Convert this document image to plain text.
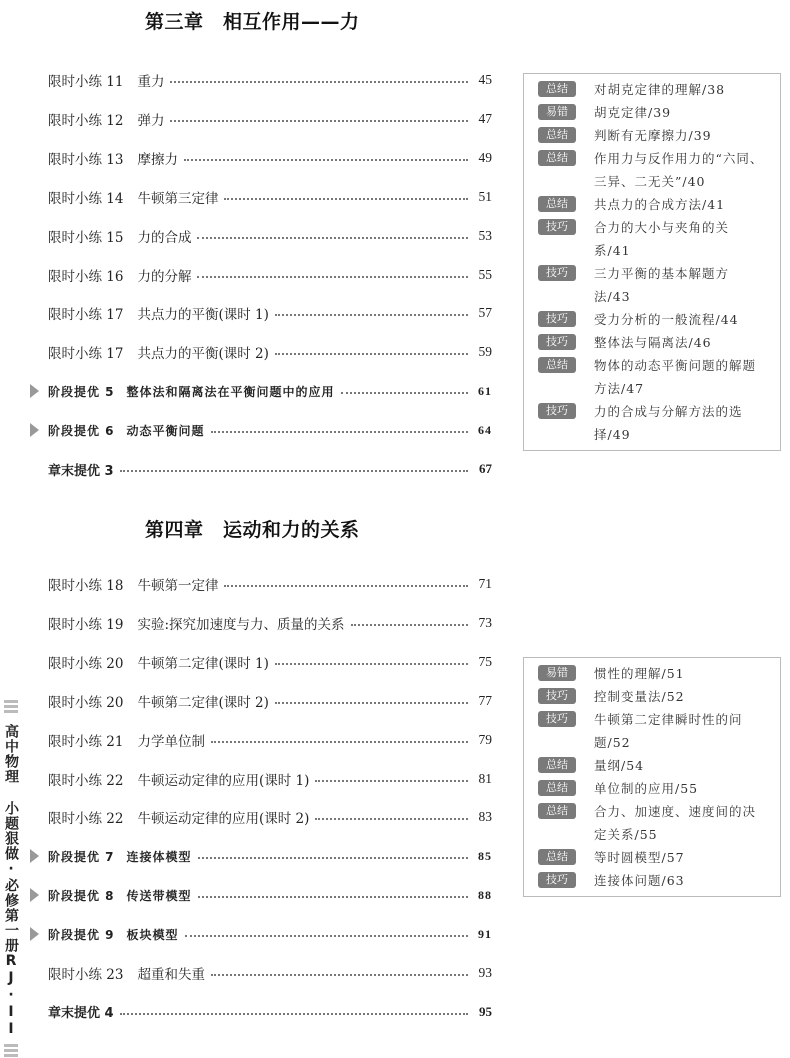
第三章　相互作用——力
限时小练 11 重力	45
限时小练 12 弹力	47
限时小练 13 摩擦力	49
限时小练 14 牛顿第三定律	51
限时小练 15 力的合成	53
限时小练 16 力的分解	55
限时小练 17 共点力的平衡(课时 1)	57
限时小练 17 共点力的平衡(课时 2)	59
阶段提优 5 整体法和隔离法在平衡问题中的应用	61
阶段提优 6 动态平衡问题	64
章末提优 3	67
总结	对胡克定律的理解/38
易错	胡克定律/39
总结	判断有无摩擦力/39
总结	作用力与反作用力的“六同、三异、二无关”/40
总结	共点力的合成方法/41
技巧	合力的大小与夹角的关系/41
技巧	三力平衡的基本解题方法/43
技巧	受力分析的一般流程/44
技巧	整体法与隔离法/46
总结	物体的动态平衡问题的解题方法/47
技巧	力的合成与分解方法的选择/49
第四章　运动和力的关系
限时小练 18 牛顿第一定律	71
限时小练 19 实验:探究加速度与力、质量的关系	73
限时小练 20 牛顿第二定律(课时 1)	75
限时小练 20 牛顿第二定律(课时 2)	77
限时小练 21 力学单位制	79
限时小练 22 牛顿运动定律的应用(课时 1)	81
限时小练 22 牛顿运动定律的应用(课时 2)	83
阶段提优 7 连接体模型	85
阶段提优 8 传送带模型	88
阶段提优 9 板块模型	91
限时小练 23 超重和失重	93
章末提优 4	95
易错	惯性的理解/51
技巧	控制变量法/52
技巧	牛顿第二定律瞬时性的问题/52
总结	量纲/54
总结	单位制的应用/55
总结	合力、加速度、速度间的决定关系/55
总结	等时圆模型/57
技巧	连接体问题/63
高中物理 小题狠做·必修第一册RJ·II
